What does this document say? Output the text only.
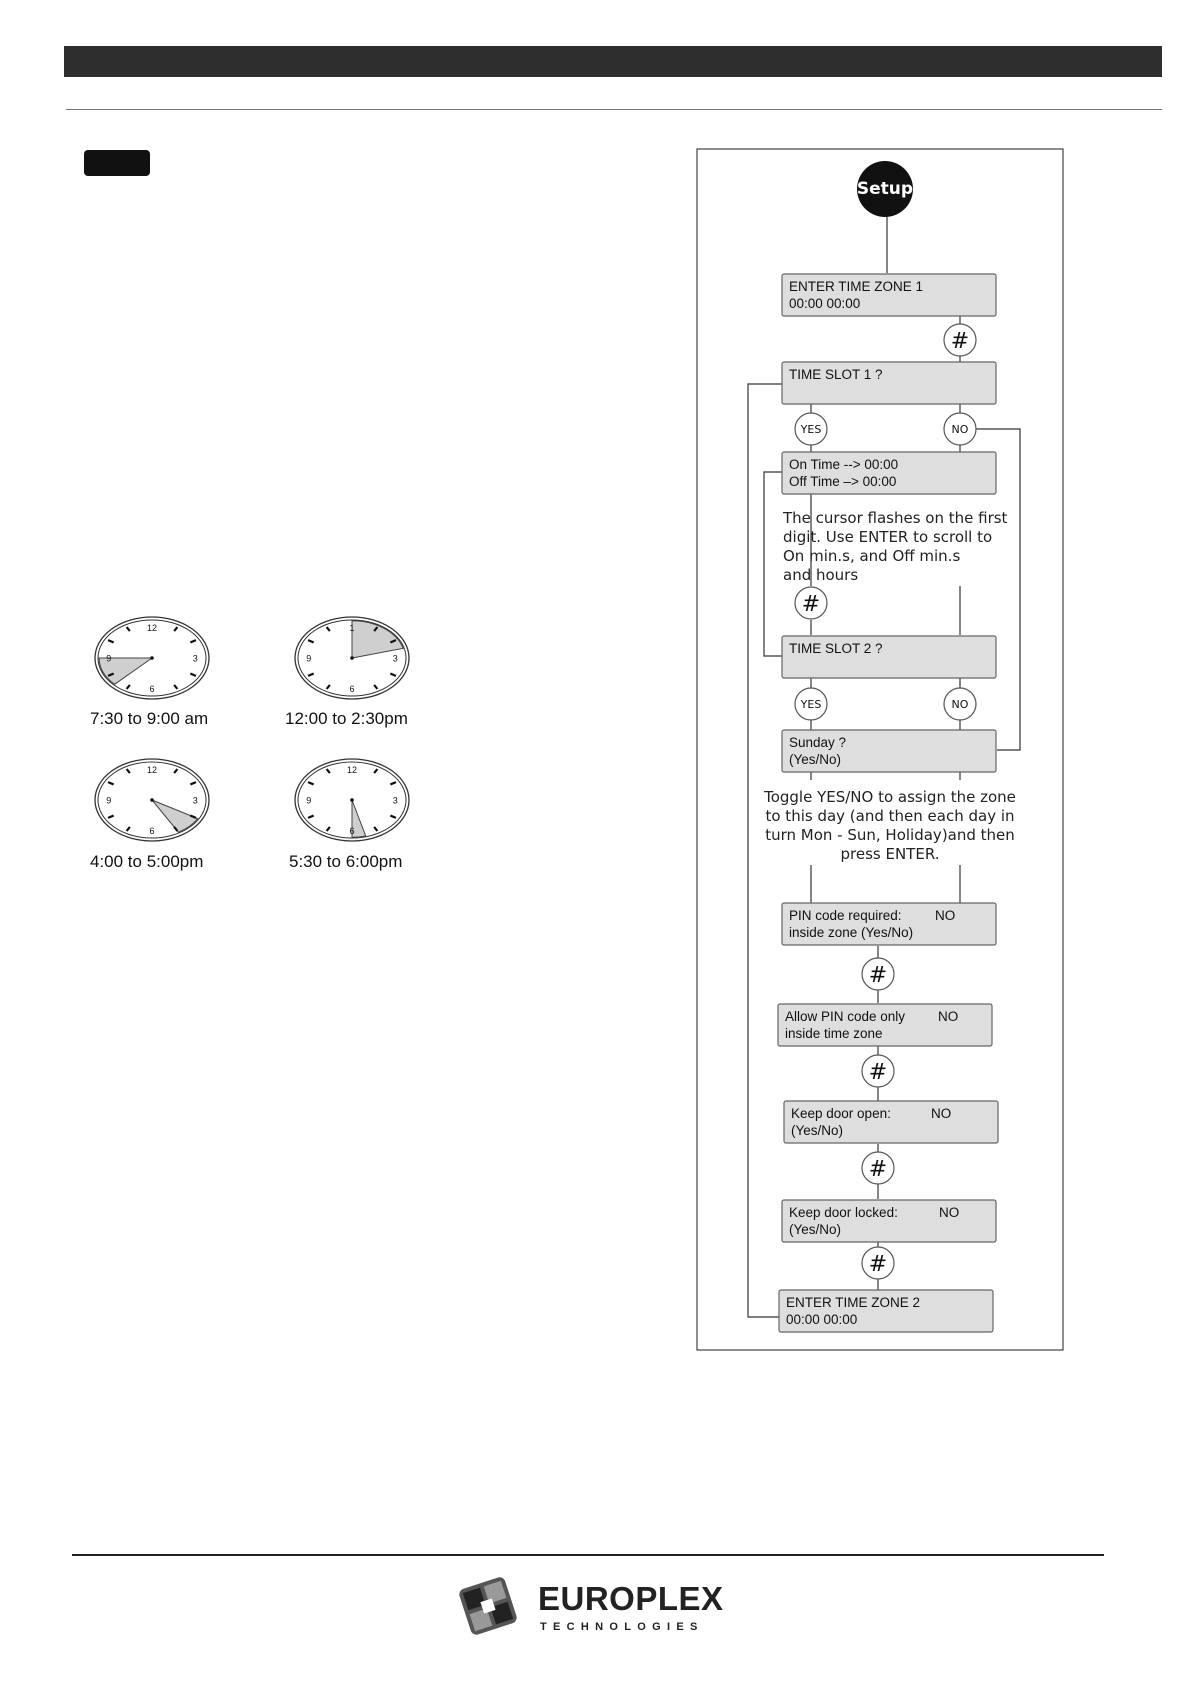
12
3
6
9
7:30 to 9:00 am
1
3
6
9
12:00 to 2:30pm
12
3
6
9
4:00 to 5:00pm
12
3
6
9
5:30 to 6:00pm
Setup
ENTER TIME ZONE 1
00:00 00:00
TIME SLOT 1 ?
On Time --> 00:00
Off Time –> 00:00
The cursor flashes on the first
digit. Use ENTER to scroll to
On min.s, and Off min.s
and hours
TIME SLOT 2 ?
Sunday ?
(Yes/No)
Toggle YES/NO to assign the zone
to this day (and then each day in
turn Mon - Sun, Holiday)and then
press ENTER.
PIN code required: NO
inside zone (Yes/No)
Allow PIN code only NO
inside time zone
Keep door open:	NO
(Yes/No)
Keep door locked:	NO
(Yes/No)
ENTER TIME ZONE 2
00:00 00:00
#
#
#
#
#
#
YES	NO
YES	NO
EUROPLEX
TECHNOLOGIES
